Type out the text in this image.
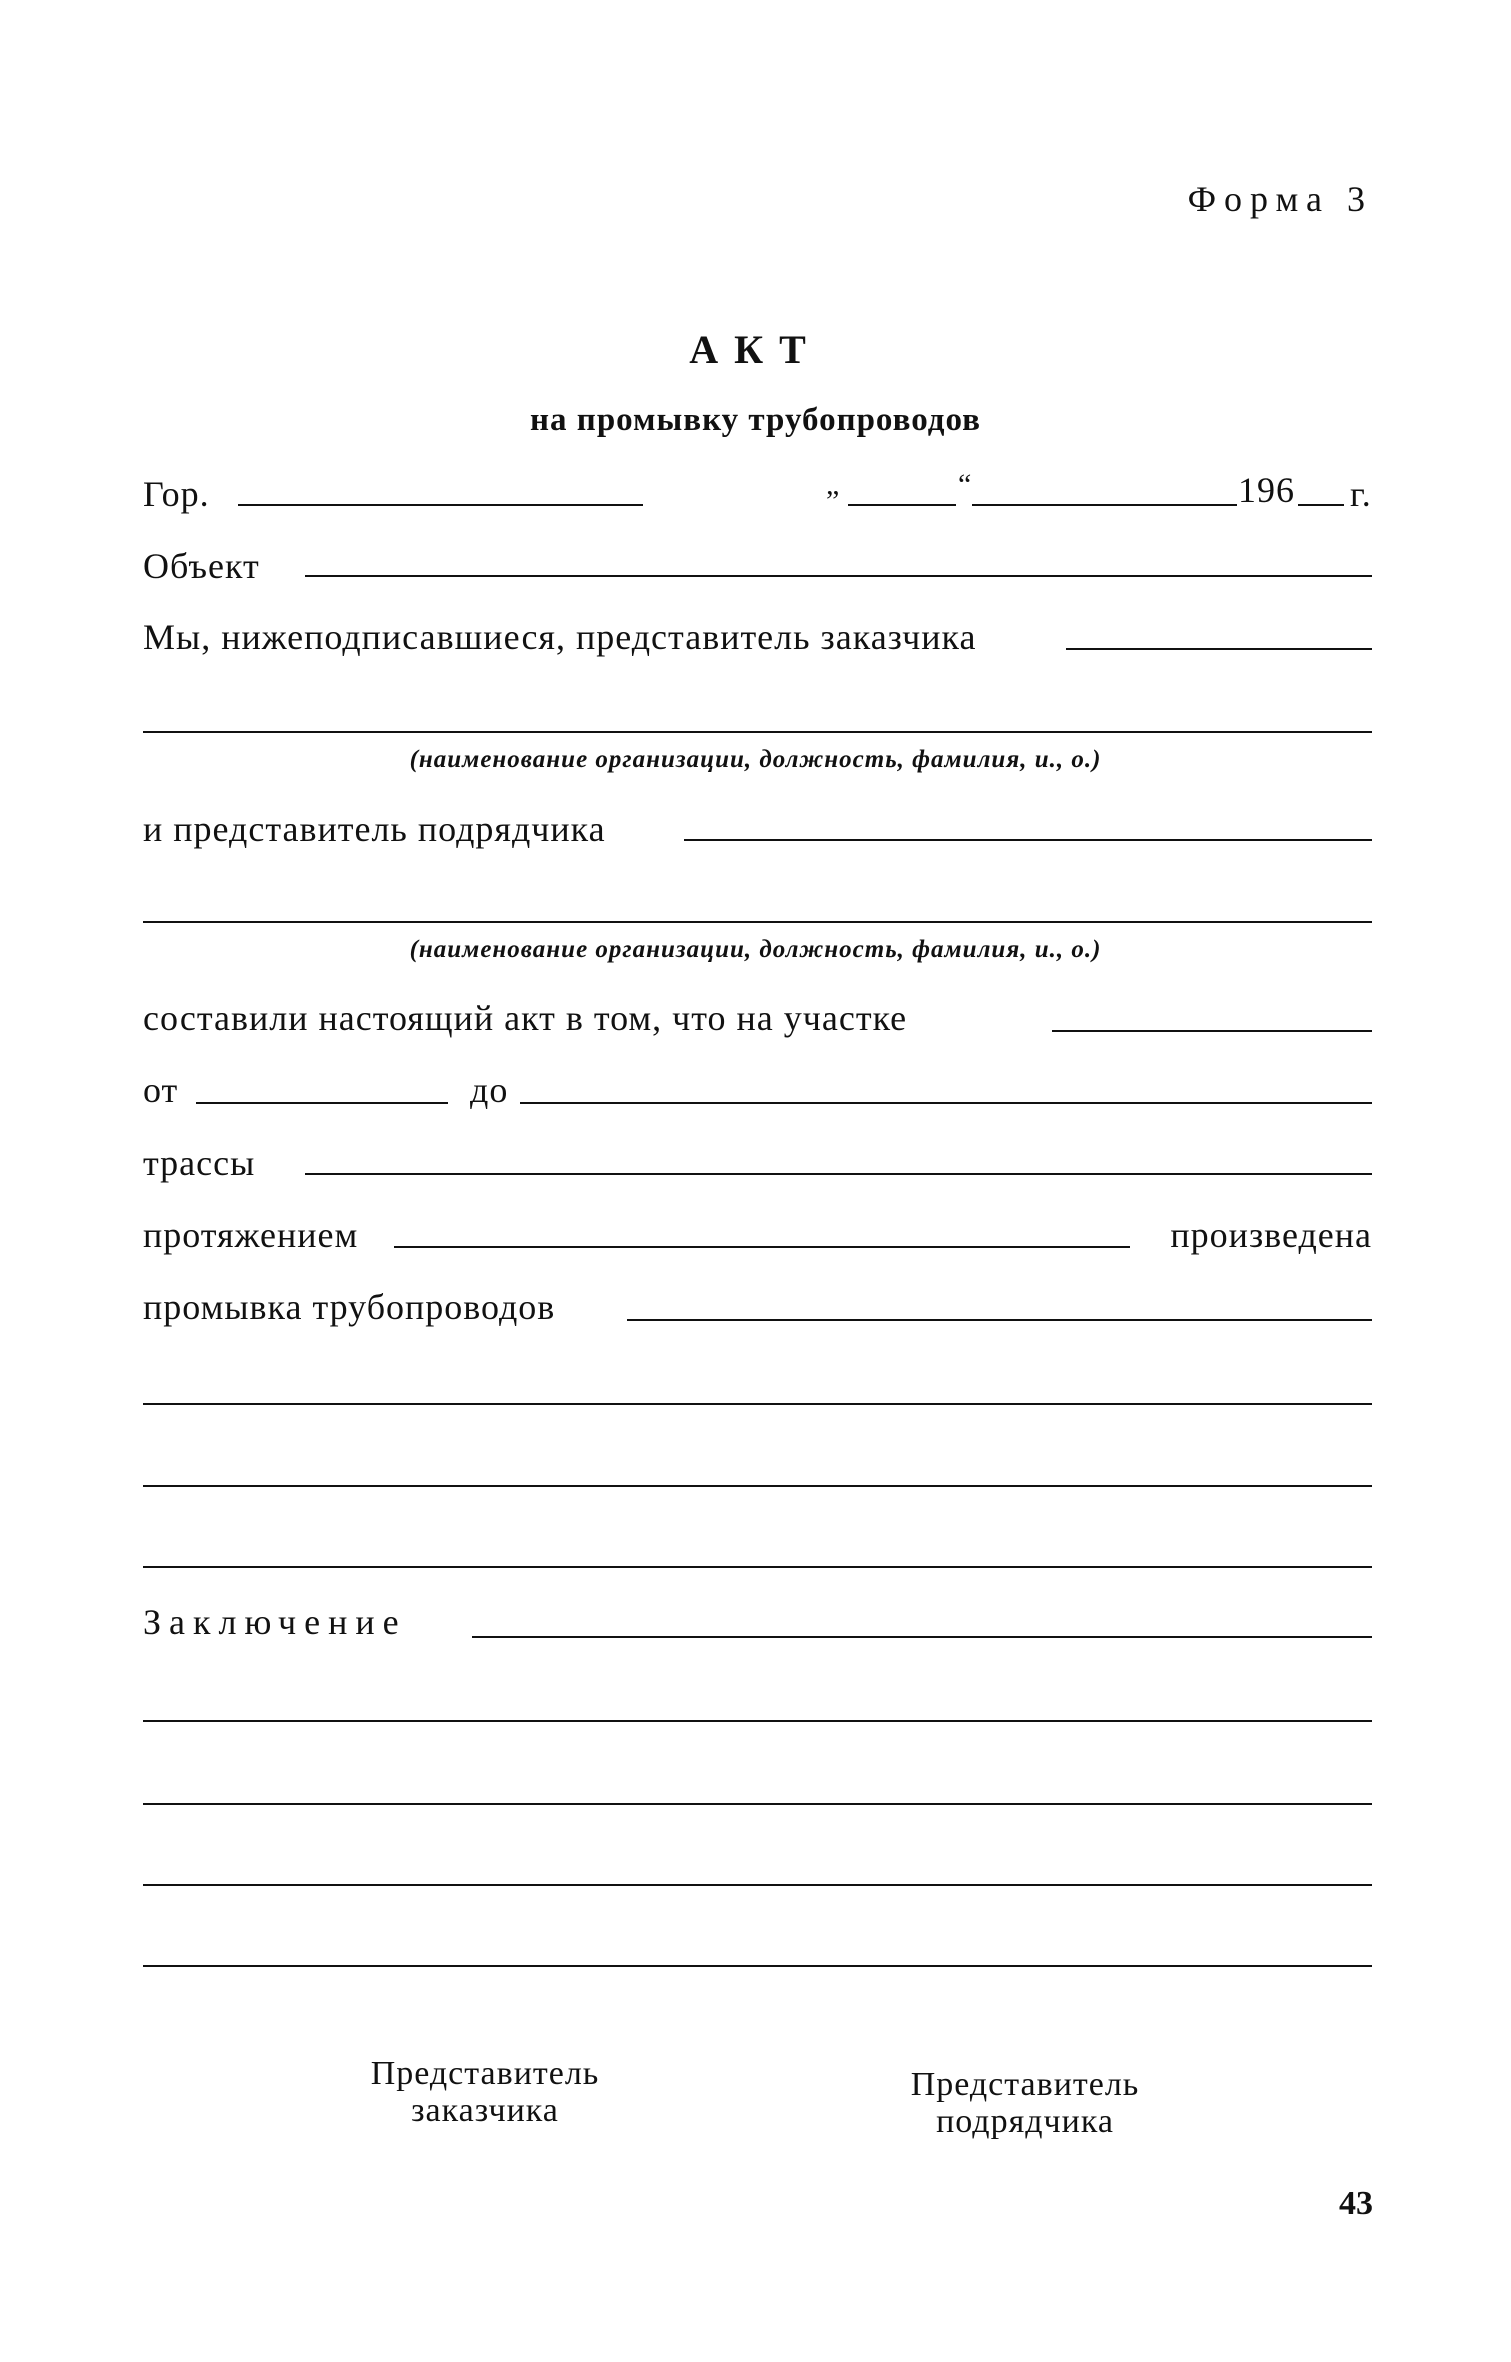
Форма 3
АКТ
на промывку трубопроводов
Гор.	„	“	196 г.
Объект
Мы, нижеподписавшиеся, представитель заказчика
(наименование организации, должность, фамилия, и., о.)
и представитель подрядчика
(наименование организации, должность, фамилия, и., о.)
составили настоящий акт в том, что на участке
от	до
трассы
протяжением	произведена
промывка трубопроводов
Заключение
Представитель
заказчика
Представитель
подрядчика
43
